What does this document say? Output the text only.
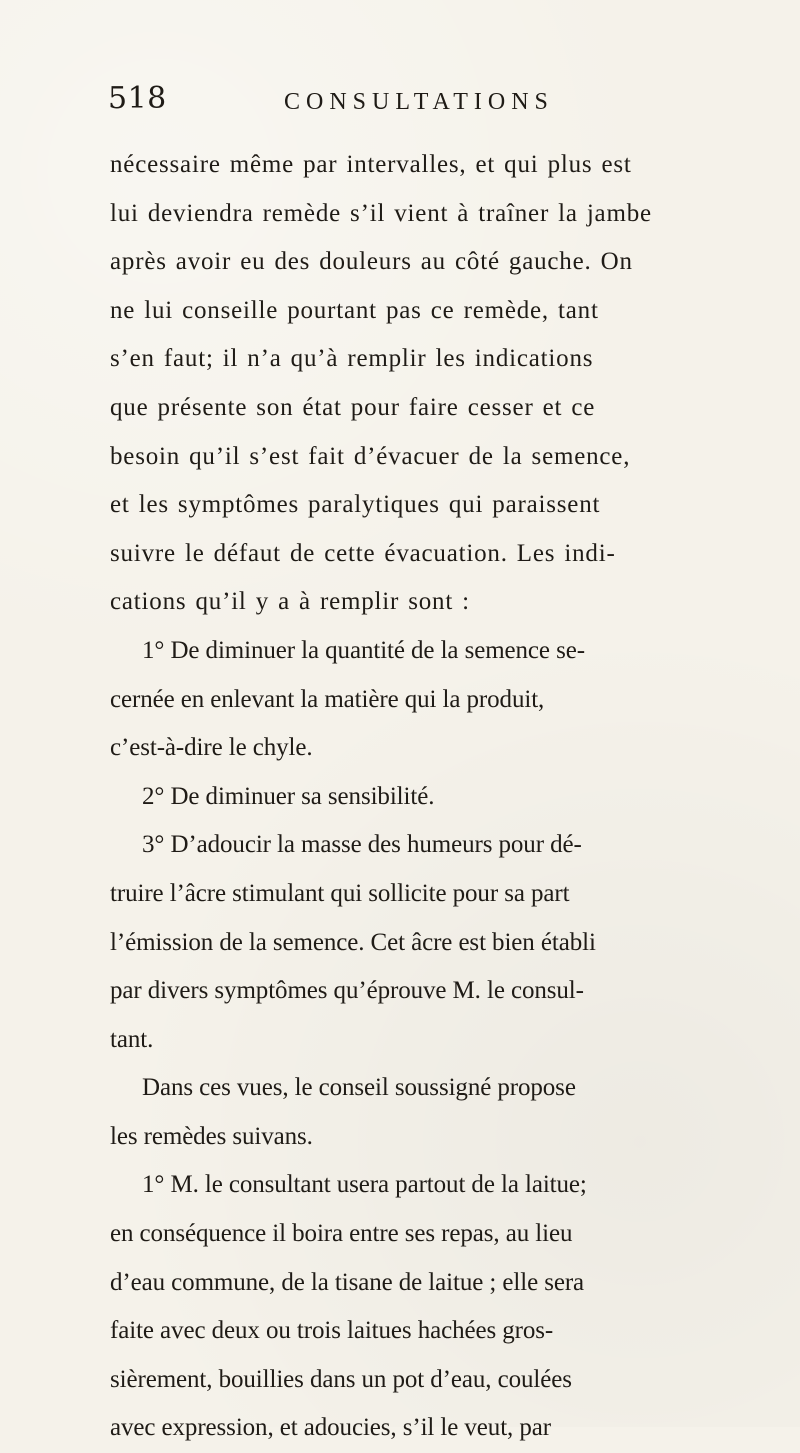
518	CONSULTATIONS
nécessaire même par intervalles, et qui plus est
lui deviendra remède s’il vient à traîner la jambe
après avoir eu des douleurs au côté gauche. On
ne lui conseille pourtant pas ce remède, tant
s’en faut; il n’a qu’à remplir les indications
que présente son état pour faire cesser et ce
besoin qu’il s’est fait d’évacuer de la semence,
et les symptômes paralytiques qui paraissent
suivre le défaut de cette évacuation. Les indi-
cations qu’il y a à remplir sont :
1° De diminuer la quantité de la semence se-
cernée en enlevant la matière qui la produit,
c’est-à-dire le chyle.
2° De diminuer sa sensibilité.
3° D’adoucir la masse des humeurs pour dé-
truire l’âcre stimulant qui sollicite pour sa part
l’émission de la semence. Cet âcre est bien établi
par divers symptômes qu’éprouve M. le consul-
tant.
Dans ces vues, le conseil soussigné propose
les remèdes suivans.
1° M. le consultant usera partout de la laitue;
en conséquence il boira entre ses repas, au lieu
d’eau commune, de la tisane de laitue ; elle sera
faite avec deux ou trois laitues hachées gros-
sièrement, bouillies dans un pot d’eau, coulées
avec expression, et adoucies, s’il le veut, par
